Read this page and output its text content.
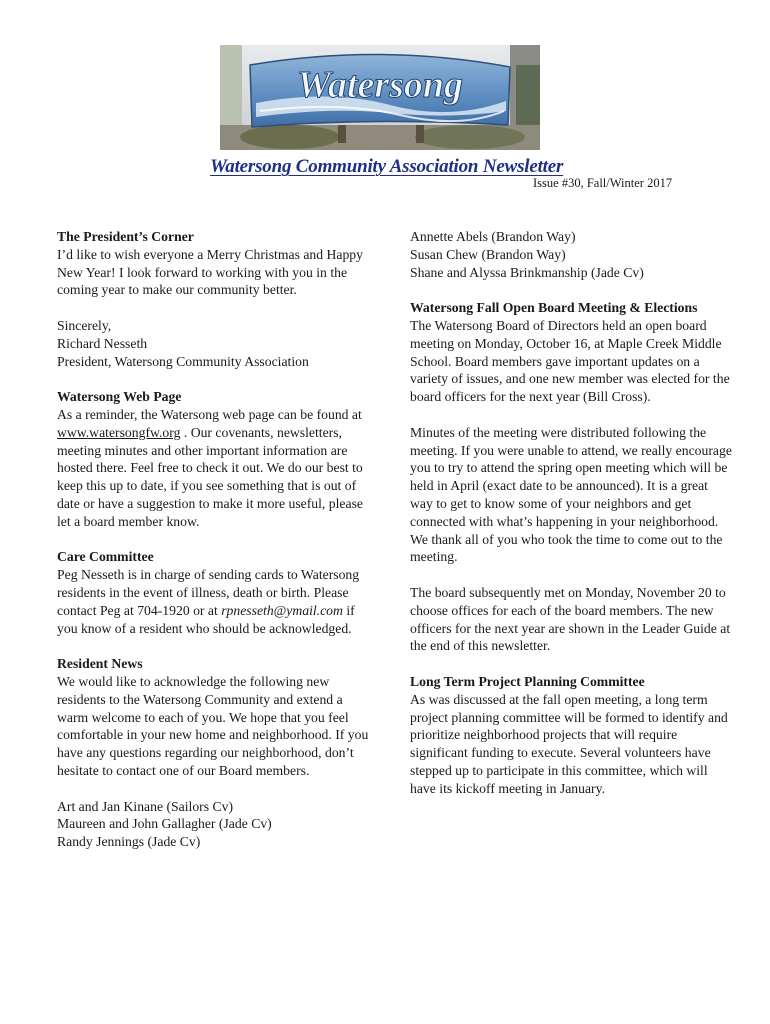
Watersong
Watersong Community Association Newsletter
Issue #30, Fall/Winter 2017
The President’s Corner

I’d like to wish everyone a Merry Christmas and Happy New Year! I look forward to working with you in the coming year to make our community better.

Sincerely,
Richard Nesseth
President, Watersong Community Association
Watersong Web Page

As a reminder, the Watersong web page can be found at www.watersongfw.org . Our covenants, newsletters, meeting minutes and other important information are hosted there. Feel free to check it out. We do our best to keep this up to date, if you see something that is out of date or have a suggestion to make it more useful, please let a board member know.

Care Committee

Peg Nesseth is in charge of sending cards to Watersong residents in the event of illness, death or birth. Please contact Peg at 704-1920 or at rpnesseth@ymail.com if you know of a resident who should be acknowledged.

Resident News

We would like to acknowledge the following new residents to the Watersong Community and extend a warm welcome to each of you. We hope that you feel comfortable in your new home and neighborhood. If you have any questions regarding our neighborhood, don’t hesitate to contact one of our Board members.

Art and Jan Kinane (Sailors Cv)
Maureen and John Gallagher (Jade Cv)
Randy Jennings (Jade Cv)
Annette Abels (Brandon Way)
Susan Chew (Brandon Way)
Shane and Alyssa Brinkmanship (Jade Cv)
Watersong Fall Open Board Meeting & Elections

The Watersong Board of Directors held an open board meeting on Monday, October 16, at Maple Creek Middle School. Board members gave important updates on a variety of issues, and one new member was elected for the board officers for the next year (Bill Cross).

Minutes of the meeting were distributed following the meeting. If you were unable to attend, we really encourage you to try to attend the spring open meeting which will be held in April (exact date to be announced). It is a great way to get to know some of your neighbors and get connected with what’s happening in your neighborhood. We thank all of you who took the time to come out to the meeting.

The board subsequently met on Monday, November 20 to choose offices for each of the board members. The new officers for the next year are shown in the Leader Guide at the end of this newsletter.

Long Term Project Planning Committee

As was discussed at the fall open meeting, a long term project planning committee will be formed to identify and prioritize neighborhood projects that will require significant funding to execute. Several volunteers have stepped up to participate in this committee, which will have its kickoff meeting in January.
